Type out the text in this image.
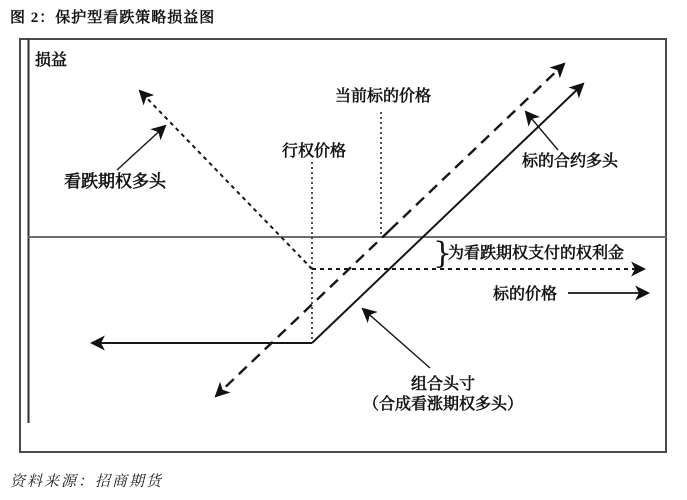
图 2：保护型看跌策略损益图
损益
当前标的价格
行权价格
标的合约多头
看跌期权多头
}
为看跌期权支付的权利金
标的价格
组合头寸
（合成看涨期权多头）
资料来源：招商期货
